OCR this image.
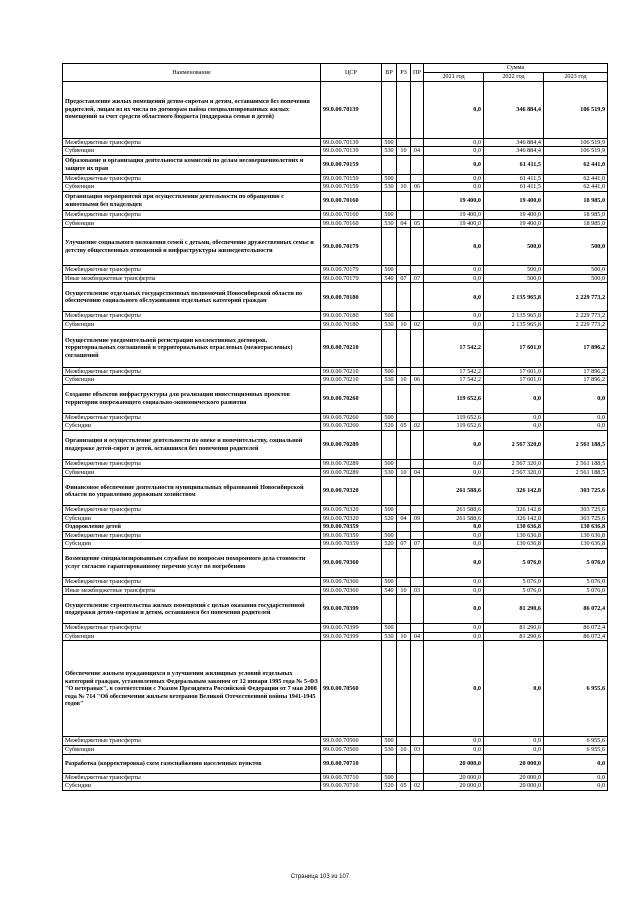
Наименование	ЦСР	ВР	РЗ	ПР	Сумма		
					2021 год	2022 год	2023 год
Предоставление жилых помещений детям-сиротам и детям, оставшимся без попечения родителей, лицам из их числа по договорам найма специализированных жилых помещений за счет средств областного бюджета (поддержка семьи и детей)	99.0.00.70139				0,0	346 884,4	106 519,9
Межбюджетные трансферты	99.0.00.70139	500			0,0	346 884,4	106 519,9
Субвенции	99.0.00.70139	530	10	04	0,0	346 884,4	106 519,9
Образование и организация деятельности комиссий по делам несовершеннолетних и защите их прав	99.0.00.70159				0,0	61 411,5	62 441,0
Межбюджетные трансферты	99.0.00.70159	500			0,0	61 411,5	62 441,0
Субвенции	99.0.00.70159	530	10	06	0,0	61 411,5	62 441,0
Организация мероприятий при осуществлении деятельности по обращению с животными без владельцев	99.0.00.70160				19 400,0	19 400,0	18 985,0
Межбюджетные трансферты	99.0.00.70160	500			19 400,0	19 400,0	18 985,0
Субвенции	99.0.00.70160	530	04	05	19 400,0	19 400,0	18 985,0
Улучшение социального положения семей с детьми, обеспечение дружественных семье и детству общественных отношений и инфраструктуры жизнедеятельности	99.0.00.70179				0,0	500,0	500,0
Межбюджетные трансферты	99.0.00.70179	500			0,0	500,0	500,0
Иные межбюджетные трансферты	99.0.00.70179	540	07	07	0,0	500,0	500,0
Осуществление отдельных государственных полномочий Новосибирской области по обеспечению социального обслуживания отдельных категорий граждан	99.0.00.70180				0,0	2 135 965,8	2 229 773,2
Межбюджетные трансферты	99.0.00.70180	500			0,0	2 135 965,8	2 229 773,2
Субвенции	99.0.00.70180	530	10	02	0,0	2 135 965,8	2 229 773,2
Осуществление уведомительной регистрации коллективных договоров, территориальных соглашений и территориальных отраслевых (межотраслевых) соглашений	99.0.00.70210				17 542,2	17 601,0	17 896,2
Межбюджетные трансферты	99.0.00.70210	500			17 542,2	17 601,0	17 896,2
Субвенции	99.0.00.70210	530	10	06	17 542,2	17 601,0	17 896,2
Создание объектов инфраструктуры для реализации инвестиционных проектов территории опережающего социально-экономического развития	99.0.00.70260				119 652,6	0,0	0,0
Межбюджетные трансферты	99.0.00.70260	500			119 652,6	0,0	0,0
Субсидии	99.0.00.70260	520	05	02	119 652,6	0,0	0,0
Организация и осуществление деятельности по опеке и попечительству, социальной поддержке детей-сирот и детей, оставшихся без попечения родителей	99.0.00.70289				0,0	2 567 320,0	2 561 188,5
Межбюджетные трансферты	99.0.00.70289	500			0,0	2 567 320,0	2 561 188,5
Субвенции	99.0.00.70289	530	10	04	0,0	2 567 320,0	2 561 188,5
Финансовое обеспечение деятельности муниципальных образований Новосибирской области по управлению дорожным хозяйством	99.0.00.70320				261 588,6	326 142,8	303 725,6
Межбюджетные трансферты	99.0.00.70320	500			261 588,6	326 142,8	303 725,6
Субсидии	99.0.00.70320	520	04	09	261 588,6	326 142,8	303 725,6
Оздоровление детей	99.0.00.70359				0,0	130 636,8	130 636,8
Межбюджетные трансферты	99.0.00.70359	500			0,0	130 636,8	130 636,8
Субсидии	99.0.00.70359	520	07	07	0,0	130 636,8	130 636,8
Возмещение специализированным службам по вопросам похоронного дела стоимости услуг согласно гарантированному перечню услуг по погребению	99.0.00.70360				0,0	5 076,0	5 076,0
Межбюджетные трансферты	99.0.00.70360	500			0,0	5 076,0	5 076,0
Иные межбюджетные трансферты	99.0.00.70360	540	10	03	0,0	5 076,0	5 076,0
Осуществление строительства жилых помещений с целью оказания государственной поддержки детям-сиротам и детям, оставшимся без попечения родителей	99.0.00.70399				0,0	81 290,6	86 072,4
Межбюджетные трансферты	99.0.00.70399	500			0,0	81 290,6	86 072,4
Субвенции	99.0.00.70399	530	10	04	0,0	81 290,6	86 072,4
Обеспечение жильем нуждающихся в улучшении жилищных условий отдельных категорий граждан, установленных Федеральным законом от 12 января 1995 года № 5-ФЗ "О ветеранах", в соответствии с Указом Президента Российской Федерации от 7 мая 2008 года № 714 "Об обеспечении жильем ветеранов Великой Отечественной войны 1941-1945 годов"	99.0.00.70560				0,0	0,0	6 955,6
Межбюджетные трансферты	99.0.00.70560	500			0,0	0,0	6 955,6
Субвенции	99.0.00.70560	530	10	03	0,0	0,0	6 955,6
Разработка (корректировка) схем газоснабжения населенных пунктов	99.0.00.70710				20 000,0	20 000,0	0,0
Межбюджетные трансферты	99.0.00.70710	500			20 000,0	20 000,0	0,0
Субсидии	99.0.00.70710	520	05	02	20 000,0	20 000,0	0,0
Страница 103 из 107
